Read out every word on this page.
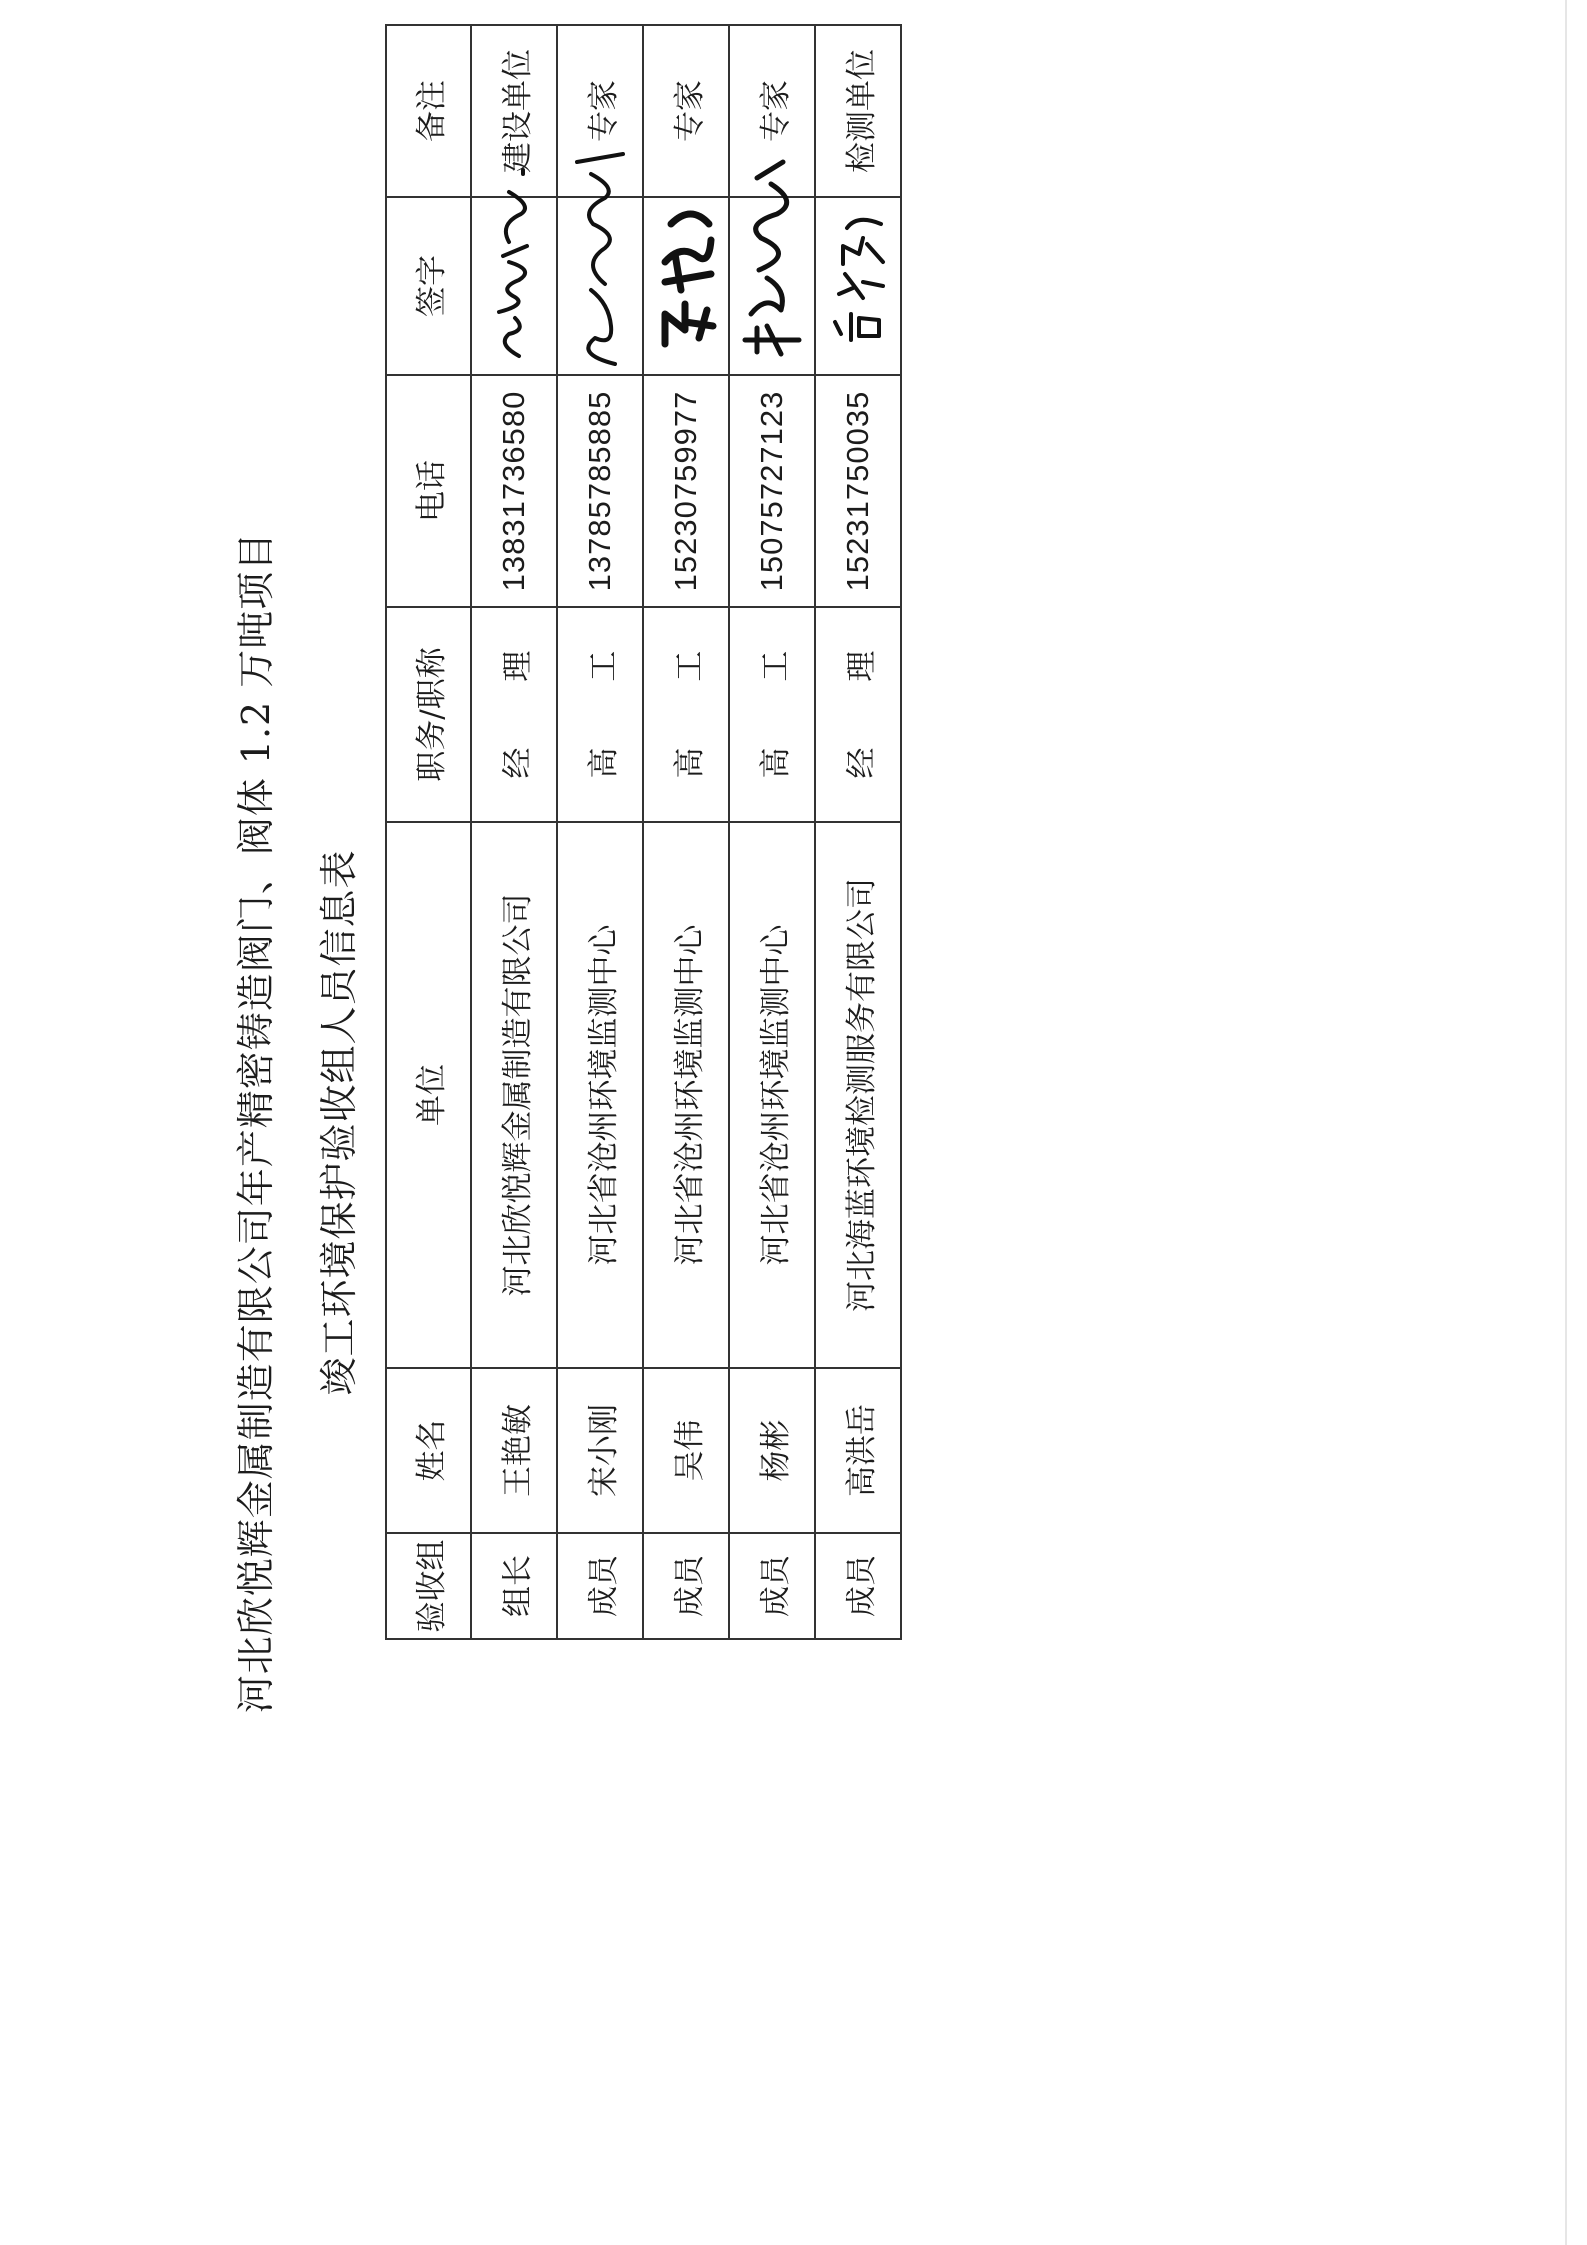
河北欣悦辉金属制造有限公司年产精密铸造阀门、阀体 1.2 万吨项目 竣工环境保护验收组人员信息表
验收组	姓名	单位	职务/职称	电话	签字	备注
组长	王艳敏	河北欣悦辉金属制造有限公司	经 理	13831736580		建设单位
成员	宋小刚	河北省沧州环境监测中心	高 工	13785785885		专家
成员	吴伟	河北省沧州环境监测中心	高 工	15230759977		专家
成员	杨彬	河北省沧州环境监测中心	高 工	15075727123		专家
成员	高洪岳	河北海蓝环境检测服务有限公司	经 理	15231750035		检测单位
